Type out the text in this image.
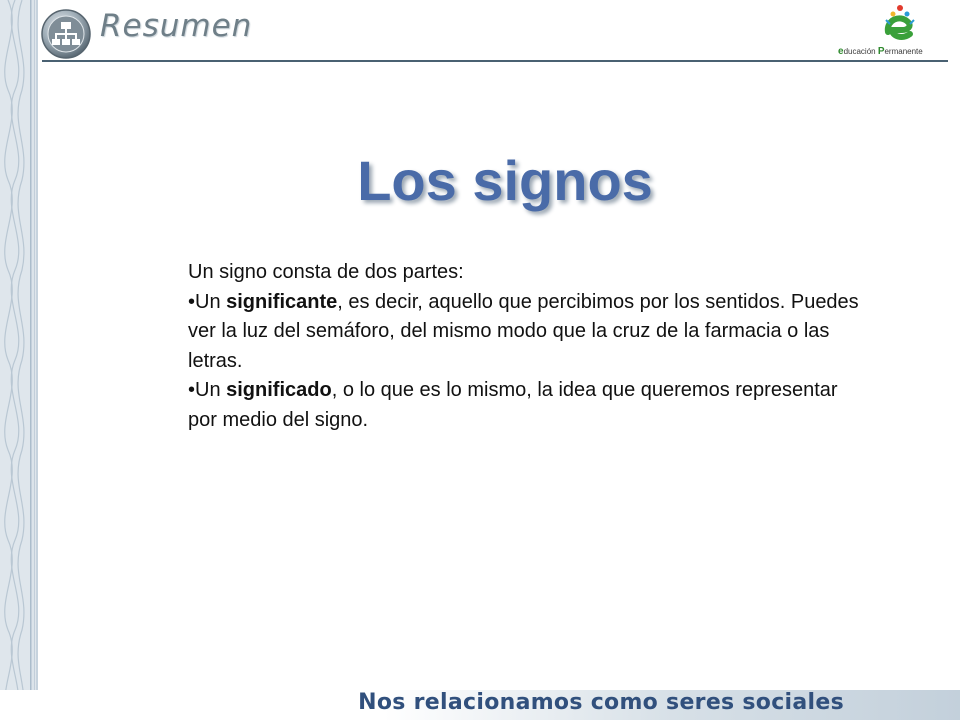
Resumen
educación Permanente
Los signos

Un signo consta de dos partes:

•Un significante, es decir, aquello que percibimos por los sentidos. Puedes ver la luz del semáforo, del mismo modo que la cruz de la farmacia o las letras.

•Un significado, o lo que es lo mismo, la idea que queremos representar por medio del signo.

Nos relacionamos como seres sociales
